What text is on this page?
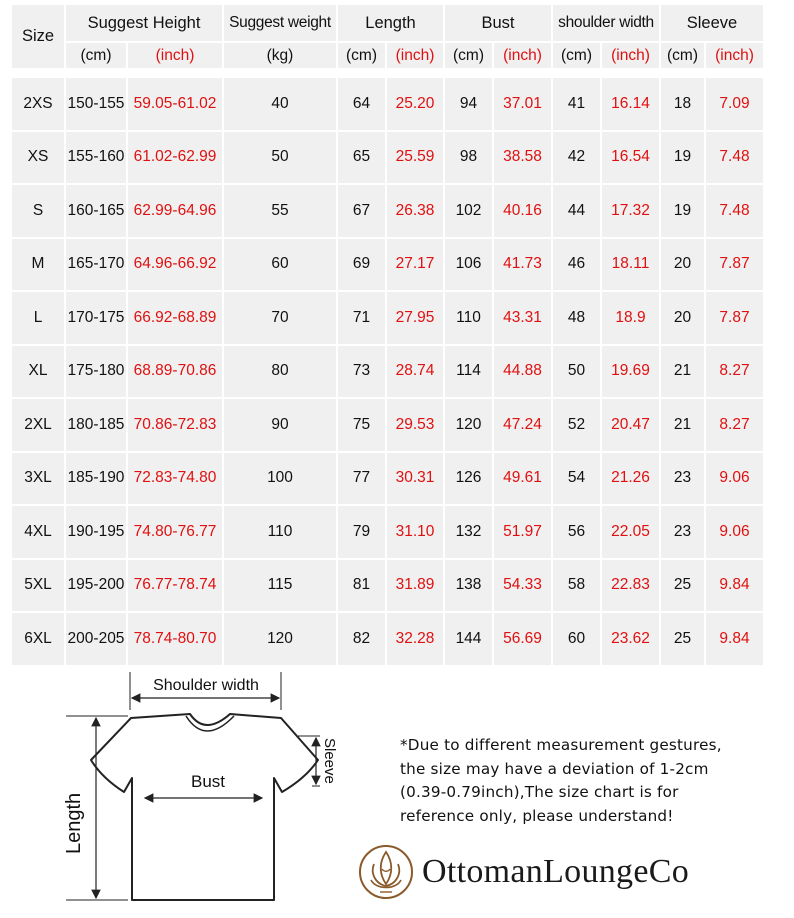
Size	Suggest Height		Suggest weight	Length		Bust		shoulder width		Sleeve	
	(cm)	(inch)	(kg)	(cm)	(inch)	(cm)	(inch)	(cm)	(inch)	(cm)	(inch)

2XS	150-155	59.05-61.02	40	64	25.20	94	37.01	41	16.14	18	7.09
XS	155-160	61.02-62.99	50	65	25.59	98	38.58	42	16.54	19	7.48
S	160-165	62.99-64.96	55	67	26.38	102	40.16	44	17.32	19	7.48
M	165-170	64.96-66.92	60	69	27.17	106	41.73	46	18.11	20	7.87
L	170-175	66.92-68.89	70	71	27.95	110	43.31	48	18.9	20	7.87
XL	175-180	68.89-70.86	80	73	28.74	114	44.88	50	19.69	21	8.27
2XL	180-185	70.86-72.83	90	75	29.53	120	47.24	52	20.47	21	8.27
3XL	185-190	72.83-74.80	100	77	30.31	126	49.61	54	21.26	23	9.06
4XL	190-195	74.80-76.77	110	79	31.10	132	51.97	56	22.05	23	9.06
5XL	195-200	76.77-78.74	115	81	31.89	138	54.33	58	22.83	25	9.84
6XL	200-205	78.74-80.70	120	82	32.28	144	56.69	60	23.62	25	9.84
Shoulder width
Bust	Sleeve
Length
*Due to different measurement gestures,
the size may have a deviation of 1-2cm
(0.39-0.79inch),The size chart is for
reference only, please understand!
OttomanLoungeCo
